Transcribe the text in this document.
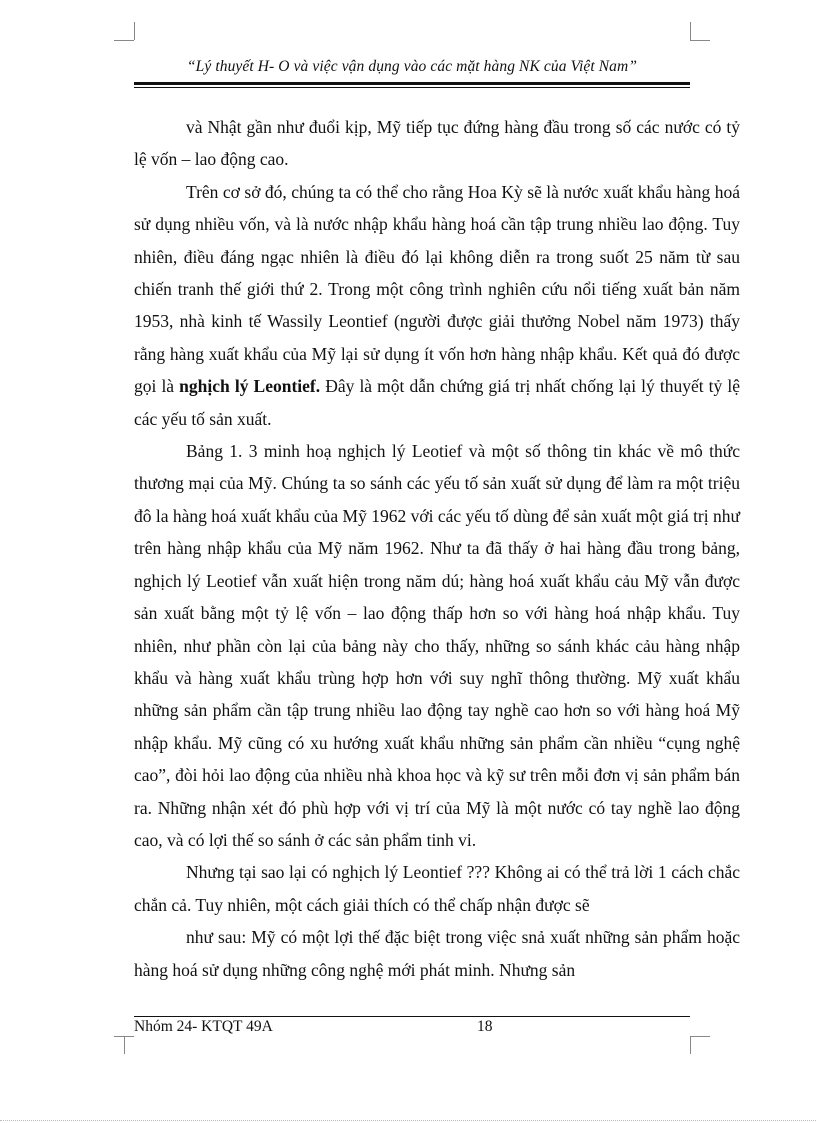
“Lý thuyết H- O và việc vận dụng vào các mặt hàng NK của Việt Nam”

và Nhật gần như đuổi kịp, Mỹ tiếp tục đứng hàng đầu trong số các nước có tỷ lệ vốn – lao động cao.

Trên cơ sở đó, chúng ta có thể cho rằng Hoa Kỳ sẽ là nước xuất khẩu hàng hoá sử dụng nhiều vốn, và là nước nhập khẩu hàng hoá cần tập trung nhiều lao động. Tuy nhiên, điều đáng ngạc nhiên là điều đó lại không diễn ra trong suốt 25 năm từ sau chiến tranh thế giới thứ 2. Trong một công trình nghiên cứu nổi tiếng xuất bản năm 1953, nhà kinh tế Wassily Leontief (người được giải thưởng Nobel năm 1973) thấy rằng hàng xuất khẩu của Mỹ lại sử dụng ít vốn hơn hàng nhập khẩu. Kết quả đó được gọi là nghịch lý Leontief. Đây là một dẫn chứng giá trị nhất chống lại lý thuyết tỷ lệ các yếu tố sản xuất.

Bảng 1. 3 minh hoạ nghịch lý Leotief và một số thông tin khác về mô thức thương mại của Mỹ. Chúng ta so sánh các yếu tố sản xuất sử dụng để làm ra một triệu đô la hàng hoá xuất khẩu của Mỹ 1962 với các yếu tố dùng để sản xuất một giá trị như trên hàng nhập khẩu của Mỹ năm 1962. Như ta đã thấy ở hai hàng đầu trong bảng, nghịch lý Leotief vẫn xuất hiện trong năm dú; hàng hoá xuất khẩu cảu Mỹ vẫn được sản xuất bằng một tỷ lệ vốn – lao động thấp hơn so với hàng hoá nhập khẩu. Tuy nhiên, như phần còn lại của bảng này cho thấy, những so sánh khác cảu hàng nhập khẩu và hàng xuất khẩu trùng hợp hơn với suy nghĩ thông thường. Mỹ xuất khẩu những sản phẩm cần tập trung nhiều lao động tay nghề cao hơn so với hàng hoá Mỹ nhập khẩu. Mỹ cũng có xu hướng xuất khẩu những sản phẩm cần nhiều “cụng nghệ cao”, đòi hỏi lao động của nhiều nhà khoa học và kỹ sư trên mỗi đơn vị sản phẩm bán ra. Những nhận xét đó phù hợp với vị trí của Mỹ là một nước có tay nghề lao động cao, và có lợi thế so sánh ở các sản phẩm tinh vi.

Nhưng tại sao lại có nghịch lý Leontief ??? Không ai có thể trả lời 1 cách chắc chắn cả. Tuy nhiên, một cách giải thích có thể chấp nhận được sẽ

như sau: Mỹ có một lợi thế đặc biệt trong việc snả xuất những sản phẩm hoặc hàng hoá sử dụng những công nghệ mới phát minh. Nhưng sản

Nhóm 24- KTQT 49A	18
